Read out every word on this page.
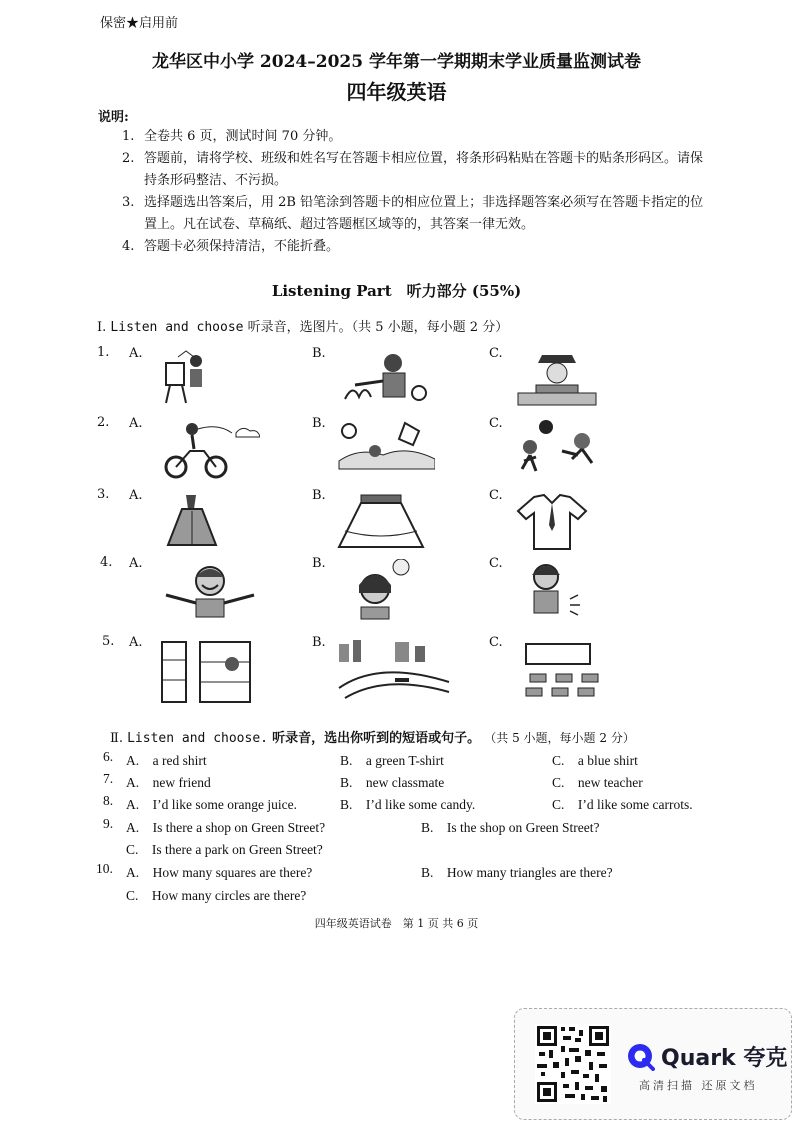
保密★启用前
龙华区中小学 2024–2025 学年第一学期期末学业质量监测试卷
四年级英语
说明:
1. 全卷共 6 页，测试时间 70 分钟。
2. 答题前，请将学校、班级和姓名写在答题卡相应位置，将条形码粘贴在答题卡的贴条形码区。请保持条形码整洁、不污损。
3. 选择题选出答案后，用 2B 铅笔涂到答题卡的相应位置上；非选择题答案必须写在答题卡指定的位置上。凡在试卷、草稿纸、超过答题框区域等的，其答案一律无效。
4. 答题卡必须保持清洁，不能折叠。
Listening Part　听力部分 (55%)
Ⅰ. Listen and choose 听录音，选图片。（共 5 小题，每小题 2 分）
1. A.	B.	C.
2. A.	B.	C.
3. A.	B.	C.
4. A.	B.	C.
5. A.	B.	C.
Ⅱ. Listen and choose. 听录音，选出你听到的短语或句子。 （共 5 小题，每小题 2 分）
6. A.　a red shirt	B.　a green T-shirt	C.　a blue shirt
7. A.　new friend	B.　new classmate	C.　new teacher
8. A.　I’d like some orange juice.	B.　I’d like some candy.	C.　I’d like some carrots.
9. A.　Is there a shop on Green Street?	B.　Is the shop on Green Street?
C.　Is there a park on Green Street?
10. A.　How many squares are there?	B.　How many triangles are there?
C.　How many circles are there?
四年级英语试卷　第 1 页 共 6 页
Quark 夸克
高清扫描 还原文档
